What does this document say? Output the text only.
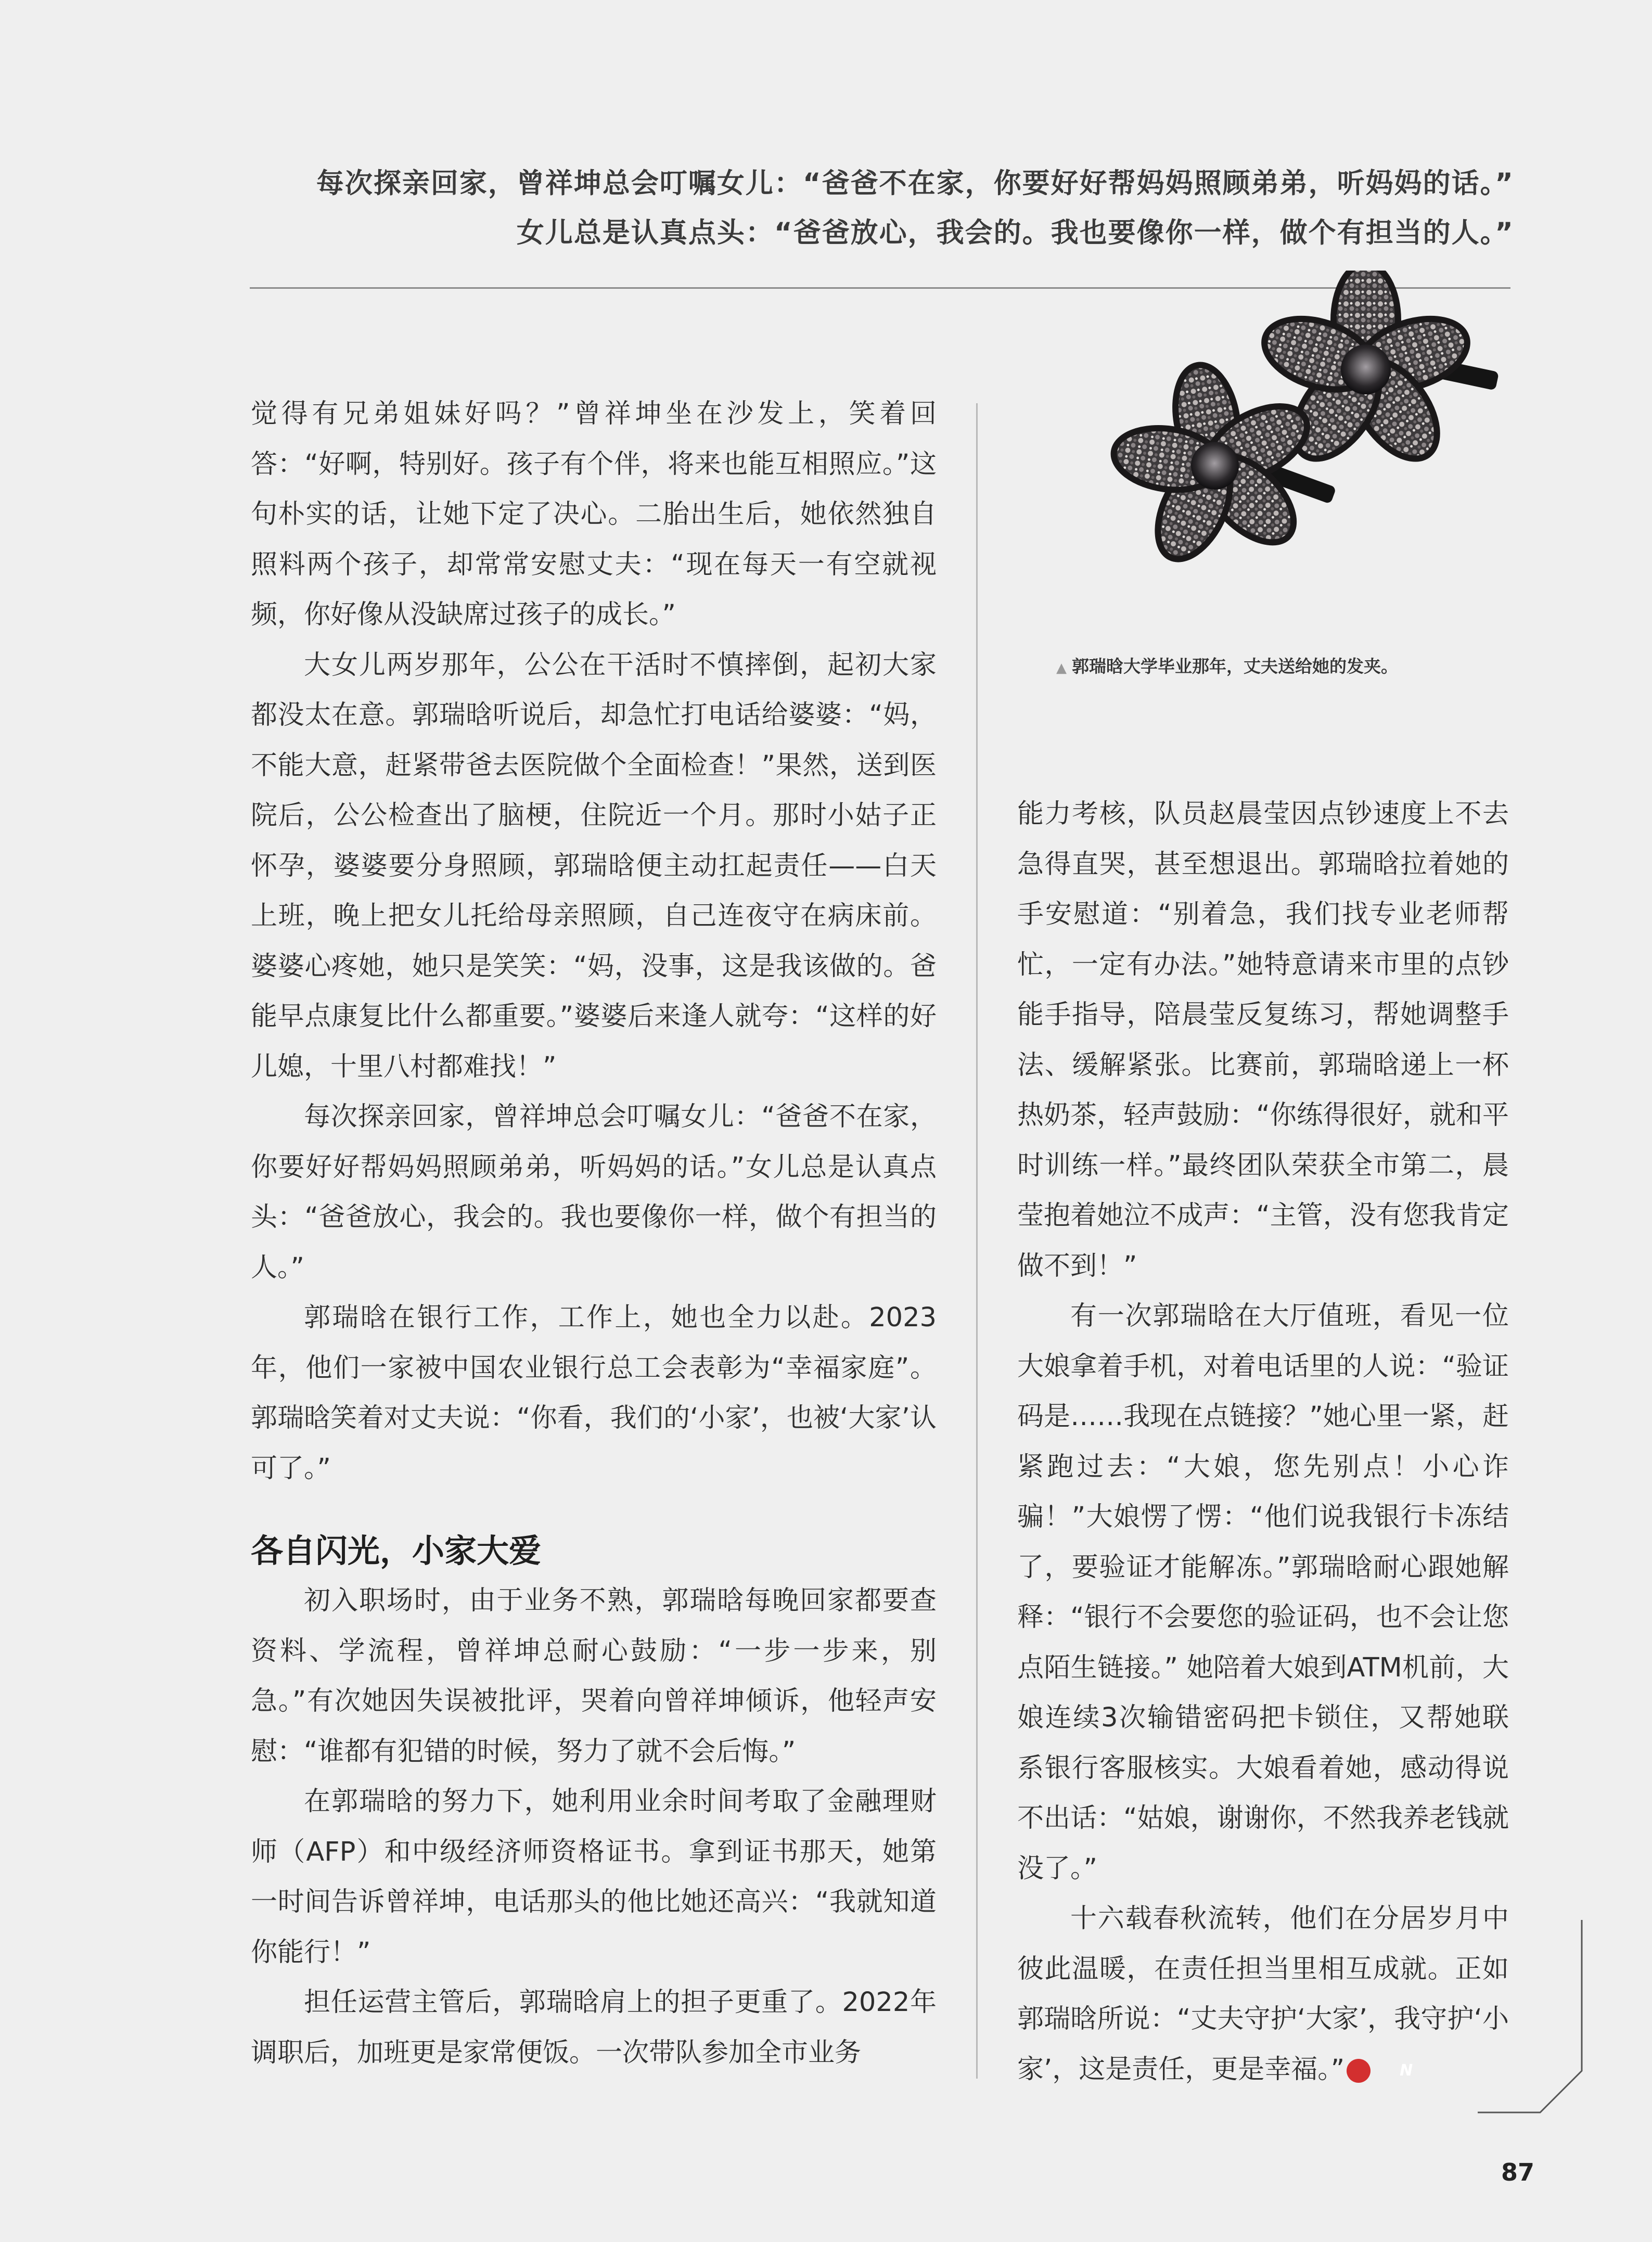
每次探亲回家，曾祥坤总会叮嘱女儿：“爸爸不在家，你要好好帮妈妈照顾弟弟，听妈妈的话。”

女儿总是认真点头：“爸爸放心，我会的。我也要像你一样，做个有担当的人。”

▲ 郭瑞晗大学毕业那年，丈夫送给她的发夹。

觉得有兄弟姐妹好吗？”曾祥坤坐在沙发上，笑着回答：“好啊，特别好。孩子有个伴，将来也能互相照应。”这句朴实的话，让她下定了决心。二胎出生后，她依然独自照料两个孩子，却常常安慰丈夫：“现在每天一有空就视频，你好像从没缺席过孩子的成长。”

大女儿两岁那年，公公在干活时不慎摔倒，起初大家都没太在意。郭瑞晗听说后，却急忙打电话给婆婆：“妈，不能大意，赶紧带爸去医院做个全面检查！”果然，送到医院后，公公检查出了脑梗，住院近一个月。那时小姑子正怀孕，婆婆要分身照顾，郭瑞晗便主动扛起责任——白天上班，晚上把女儿托给母亲照顾，自己连夜守在病床前。婆婆心疼她，她只是笑笑：“妈，没事，这是我该做的。爸能早点康复比什么都重要。”婆婆后来逢人就夸：“这样的好儿媳，十里八村都难找！”

每次探亲回家，曾祥坤总会叮嘱女儿：“爸爸不在家，你要好好帮妈妈照顾弟弟，听妈妈的话。”女儿总是认真点头：“爸爸放心，我会的。我也要像你一样，做个有担当的人。”

郭瑞晗在银行工作，工作上，她也全力以赴。2023年，他们一家被中国农业银行总工会表彰为“幸福家庭”。郭瑞晗笑着对丈夫说：“你看，我们的‘小家’，也被‘大家’认可了。”

各自闪光，小家大爱

初入职场时，由于业务不熟，郭瑞晗每晚回家都要查资料、学流程，曾祥坤总耐心鼓励：“一步一步来，别急。”有次她因失误被批评，哭着向曾祥坤倾诉，他轻声安慰：“谁都有犯错的时候，努力了就不会后悔。”

在郭瑞晗的努力下，她利用业余时间考取了金融理财师（AFP）和中级经济师资格证书。拿到证书那天，她第一时间告诉曾祥坤，电话那头的他比她还高兴：“我就知道你能行！”

担任运营主管后，郭瑞晗肩上的担子更重了。2022年调职后，加班更是家常便饭。一次带队参加全市业务

能力考核，队员赵晨莹因点钞速度上不去急得直哭，甚至想退出。郭瑞晗拉着她的手安慰道：“别着急，我们找专业老师帮忙，一定有办法。”她特意请来市里的点钞能手指导，陪晨莹反复练习，帮她调整手法、缓解紧张。比赛前，郭瑞晗递上一杯热奶茶，轻声鼓励：“你练得很好，就和平时训练一样。”最终团队荣获全市第二，晨莹抱着她泣不成声：“主管，没有您我肯定做不到！”

有一次郭瑞晗在大厅值班，看见一位大娘拿着手机，对着电话里的人说：“验证码是……我现在点链接？”她心里一紧，赶紧跑过去：“大娘，您先别点！小心诈骗！”大娘愣了愣：“他们说我银行卡冻结了，要验证才能解冻。”郭瑞晗耐心跟她解释：“银行不会要您的验证码，也不会让您点陌生链接。” 她陪着大娘到ATM机前，大娘连续3次输错密码把卡锁住，又帮她联系银行客服核实。大娘看着她，感动得说不出话：“姑娘，谢谢你，不然我养老钱就没了。”

十六载春秋流转，他们在分居岁月中彼此温暖，在责任担当里相互成就。正如郭瑞晗所说：“丈夫守护‘大家’，我守护‘小家’，这是责任，更是幸福。”	N

87
